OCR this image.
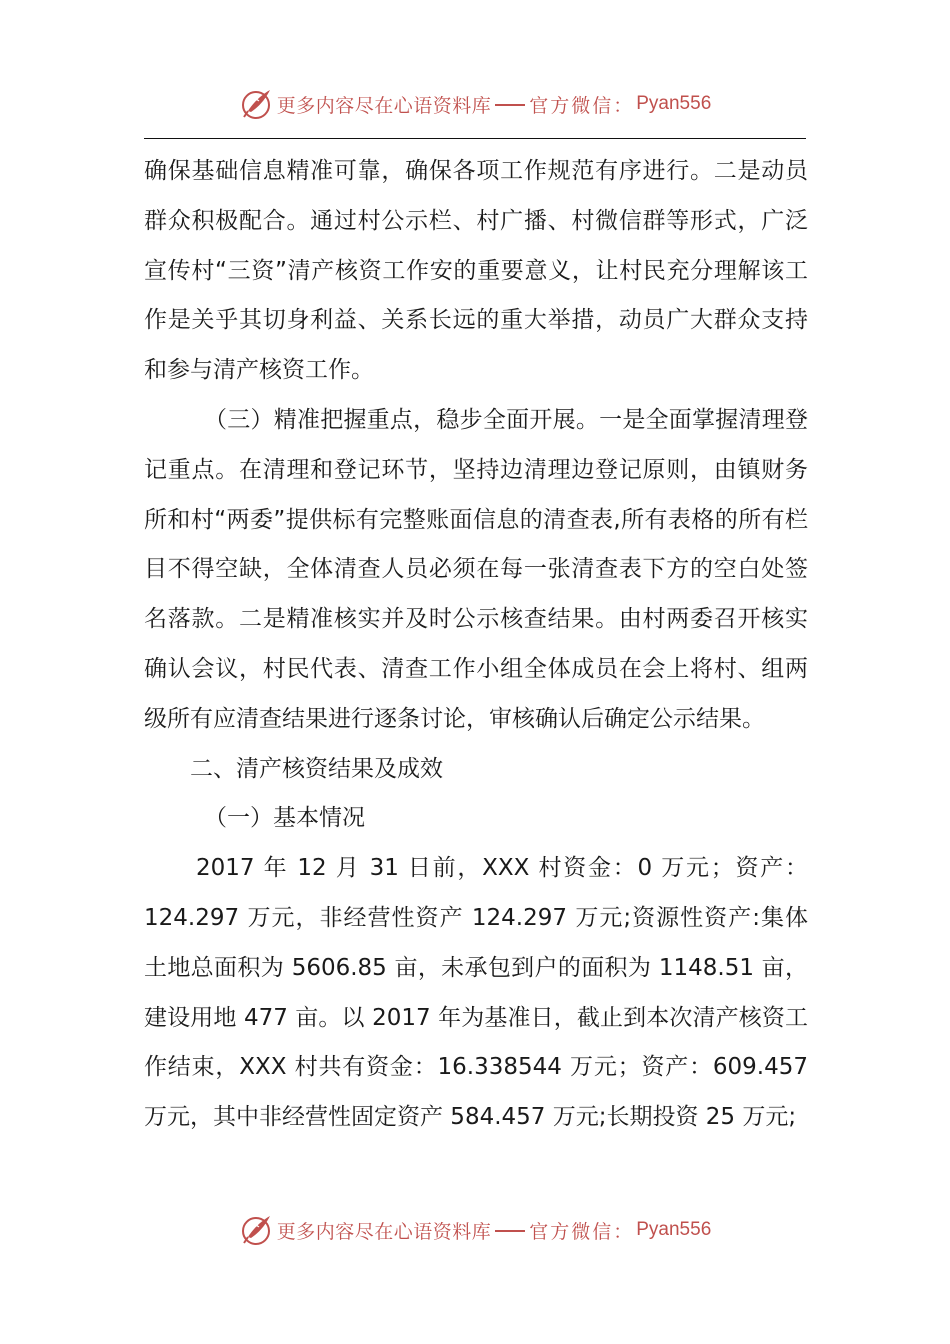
更多内容尽在心语资料库 官方微信： Pyan556

确保基础信息精准可靠，确保各项工作规范有序进行。二是动员群众积极配合。通过村公示栏、村广播、村微信群等形式，广泛宣传村“三资”清产核资工作安的重要意义，让村民充分理解该工作是关乎其切身利益、关系长远的重大举措，动员广大群众支持和参与清产核资工作。

（三）精准把握重点，稳步全面开展。一是全面掌握清理登记重点。在清理和登记环节，坚持边清理边登记原则，由镇财务所和村“两委”提供标有完整账面信息的清查表,所有表格的所有栏目不得空缺，全体清查人员必须在每一张清查表下方的空白处签名落款。二是精准核实并及时公示核查结果。由村两委召开核实确认会议，村民代表、清查工作小组全体成员在会上将村、组两级所有应清查结果进行逐条讨论，审核确认后确定公示结果。

二、清产核资结果及成效

（一）基本情况

2017 年 12 月 31 日前，XXX 村资金：0 万元；资产：124.297 万元，非经营性资产 124.297 万元;资源性资产:集体土地总面积为 5606.85 亩，未承包到户的面积为 1148.51 亩，建设用地 477 亩。以 2017 年为基准日，截止到本次清产核资工作结束，XXX 村共有资金：16.338544 万元；资产：609.457 万元，其中非经营性固定资产 584.457 万元;长期投资 25 万元;

更多内容尽在心语资料库 官方微信： Pyan556
